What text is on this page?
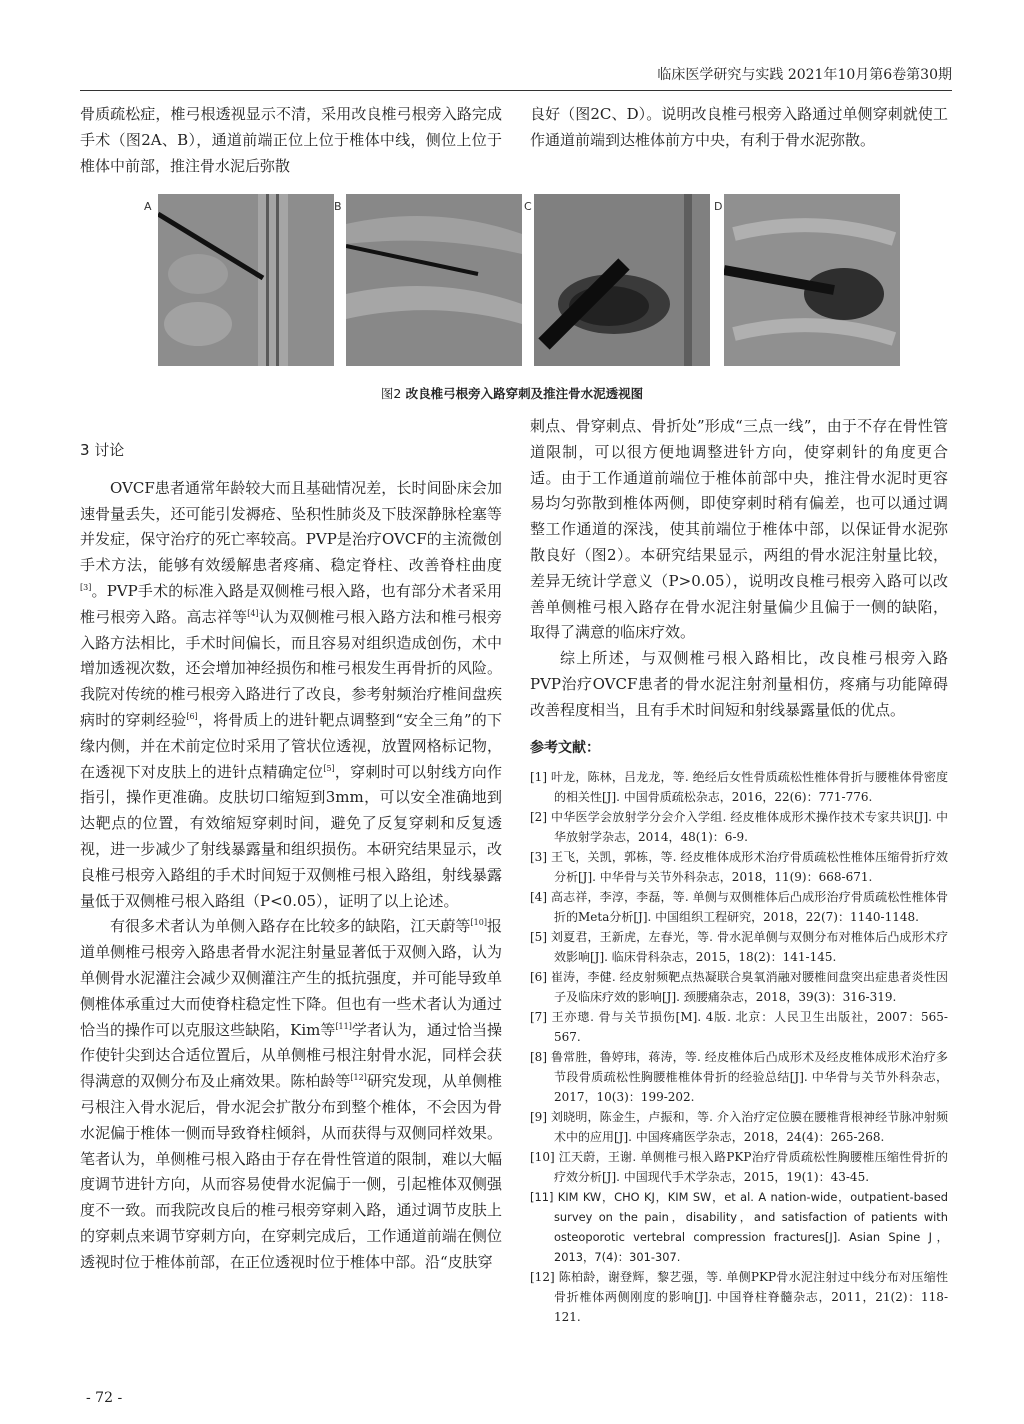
临床医学研究与实践 2021年10月第6卷第30期

骨质疏松症，椎弓根透视显示不清，采用改良椎弓根旁入路完成手术（图2A、B），通道前端正位上位于椎体中线，侧位上位于椎体中前部，推注骨水泥后弥散

良好（图2C、D）。说明改良椎弓根旁入路通过单侧穿刺就使工作通道前端到达椎体前方中央，有利于骨水泥弥散。

A	B	C	D
图2 改良椎弓根旁入路穿刺及推注骨水泥透视图

3 讨论

OVCF患者通常年龄较大而且基础情况差，长时间卧床会加速骨量丢失，还可能引发褥疮、坠积性肺炎及下肢深静脉栓塞等并发症，保守治疗的死亡率较高。PVP是治疗OVCF的主流微创手术方法，能够有效缓解患者疼痛、稳定脊柱、改善脊柱曲度[3]。PVP手术的标准入路是双侧椎弓根入路，也有部分术者采用椎弓根旁入路。高志祥等[4]认为双侧椎弓根入路方法和椎弓根旁入路方法相比，手术时间偏长，而且容易对组织造成创伤，术中增加透视次数，还会增加神经损伤和椎弓根发生再骨折的风险。我院对传统的椎弓根旁入路进行了改良，参考射频治疗椎间盘疾病时的穿刺经验[6]，将骨质上的进针靶点调整到“安全三角”的下缘内侧，并在术前定位时采用了管状位透视，放置网格标记物，在透视下对皮肤上的进针点精确定位[5]，穿刺时可以射线方向作指引，操作更准确。皮肤切口缩短到3mm，可以安全准确地到达靶点的位置，有效缩短穿刺时间，避免了反复穿刺和反复透视，进一步减少了射线暴露量和组织损伤。本研究结果显示，改良椎弓根旁入路组的手术时间短于双侧椎弓根入路组，射线暴露量低于双侧椎弓根入路组（P<0.05），证明了以上论述。

有很多术者认为单侧入路存在比较多的缺陷，江天蔚等[10]报道单侧椎弓根旁入路患者骨水泥注射量显著低于双侧入路，认为单侧骨水泥灌注会减少双侧灌注产生的抵抗强度，并可能导致单侧椎体承重过大而使脊柱稳定性下降。但也有一些术者认为通过恰当的操作可以克服这些缺陷，Kim等[11]学者认为，通过恰当操作使针尖到达合适位置后，从单侧椎弓根注射骨水泥，同样会获得满意的双侧分布及止痛效果。陈柏龄等[12]研究发现，从单侧椎弓根注入骨水泥后，骨水泥会扩散分布到整个椎体，不会因为骨水泥偏于椎体一侧而导致脊柱倾斜，从而获得与双侧同样效果。笔者认为，单侧椎弓根入路由于存在骨性管道的限制，难以大幅度调节进针方向，从而容易使骨水泥偏于一侧，引起椎体双侧强度不一致。而我院改良后的椎弓根旁穿刺入路，通过调节皮肤上的穿刺点来调节穿刺方向，在穿刺完成后，工作通道前端在侧位透视时位于椎体前部，在正位透视时位于椎体中部。沿“皮肤穿

刺点、骨穿刺点、骨折处”形成“三点一线”，由于不存在骨性管道限制，可以很方便地调整进针方向，使穿刺针的角度更合适。由于工作通道前端位于椎体前部中央，推注骨水泥时更容易均匀弥散到椎体两侧，即使穿刺时稍有偏差，也可以通过调整工作通道的深浅，使其前端位于椎体中部，以保证骨水泥弥散良好（图2）。本研究结果显示，两组的骨水泥注射量比较，差异无统计学意义（P>0.05），说明改良椎弓根旁入路可以改善单侧椎弓根入路存在骨水泥注射量偏少且偏于一侧的缺陷，取得了满意的临床疗效。

综上所述，与双侧椎弓根入路相比，改良椎弓根旁入路PVP治疗OVCF患者的骨水泥注射剂量相仿，疼痛与功能障碍改善程度相当，且有手术时间短和射线暴露量低的优点。

参考文献：

[1] 叶龙，陈林，吕龙龙，等. 绝经后女性骨质疏松性椎体骨折与腰椎体骨密度的相关性[J]. 中国骨质疏松杂志，2016，22(6)：771-776.

[2] 中华医学会放射学分会介入学组. 经皮椎体成形术操作技术专家共识[J]. 中华放射学杂志，2014，48(1)：6-9.

[3] 王飞，关凯，郭栋，等. 经皮椎体成形术治疗骨质疏松性椎体压缩骨折疗效分析[J]. 中华骨与关节外科杂志，2018，11(9)：668-671.

[4] 高志祥，李淳，李磊，等. 单侧与双侧椎体后凸成形治疗骨质疏松性椎体骨折的Meta分析[J]. 中国组织工程研究，2018，22(7)：1140-1148.

[5] 刘夏君，王新虎，左春光，等. 骨水泥单侧与双侧分布对椎体后凸成形术疗效影响[J]. 临床骨科杂志，2015，18(2)：141-145.

[6] 崔涛，李健. 经皮射频靶点热凝联合臭氧消融对腰椎间盘突出症患者炎性因子及临床疗效的影响[J]. 颈腰痛杂志，2018，39(3)：316-319.

[7] 王亦璁. 骨与关节损伤[M]. 4版. 北京：人民卫生出版社，2007：565-567.

[8] 鲁常胜，鲁婷玮，蒋涛，等. 经皮椎体后凸成形术及经皮椎体成形术治疗多节段骨质疏松性胸腰椎椎体骨折的经验总结[J]. 中华骨与关节外科杂志，2017，10(3)：199-202.

[9] 刘晓明，陈金生，卢振和，等. 介入治疗定位膜在腰椎背根神经节脉冲射频术中的应用[J]. 中国疼痛医学杂志，2018，24(4)：265-268.

[10] 江天蔚，王谢. 单侧椎弓根入路PKP治疗骨质疏松性胸腰椎压缩性骨折的疗效分析[J]. 中国现代手术学杂志，2015，19(1)：43-45.

[11] KIM KW，CHO KJ，KIM SW，et al. A nation-wide，outpatient-based survey on the pain，disability，and satisfaction of patients with osteoporotic vertebral compression fractures[J]. Asian Spine J，2013，7(4)：301-307.

[12] 陈柏龄，谢登辉，黎艺强，等. 单侧PKP骨水泥注射过中线分布对压缩性骨折椎体两侧刚度的影响[J]. 中国脊柱脊髓杂志，2011，21(2)：118-121.

- 72 -
